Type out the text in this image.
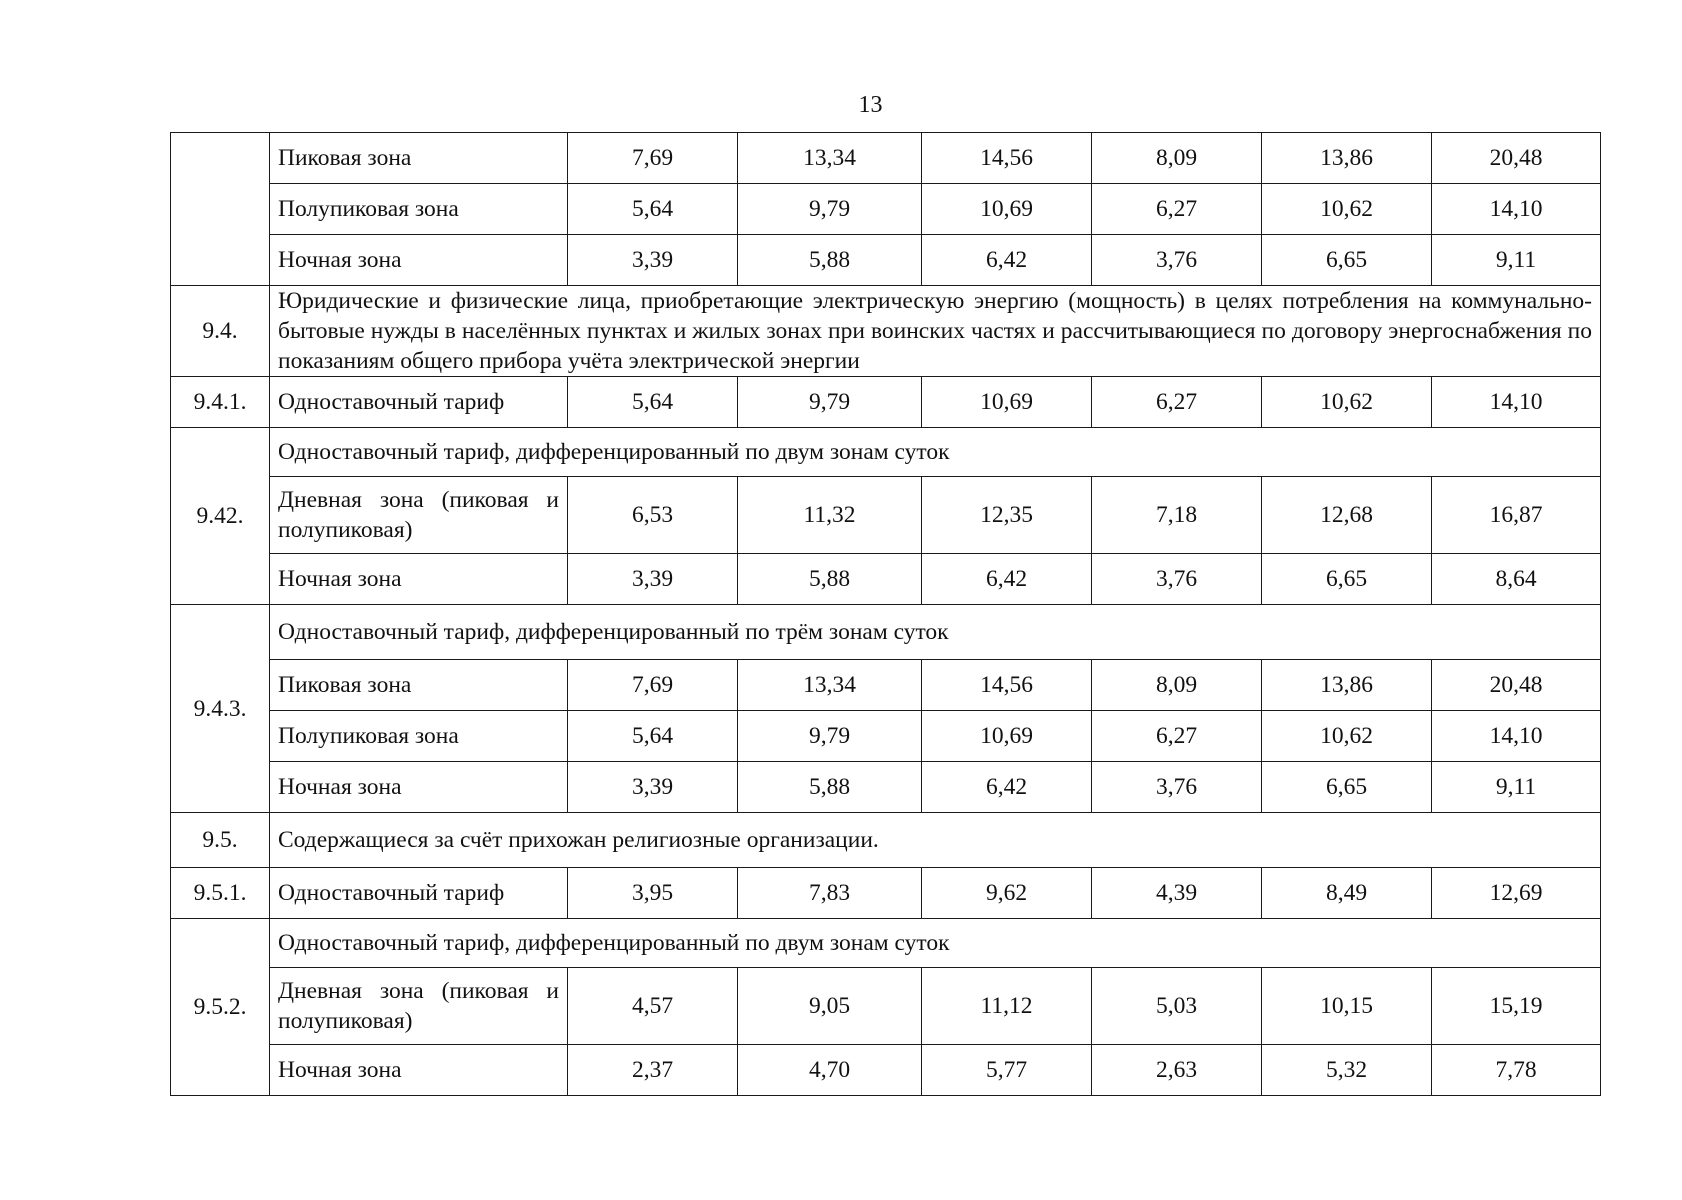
13
	Пиковая зона	7,69	13,34	14,56	8,09	13,86	20,48
	Полупиковая зона	5,64	9,79	10,69	6,27	10,62	14,10
	Ночная зона	3,39	5,88	6,42	3,76	6,65	9,11
9.4.	Юридические и физические лица, приобретающие электрическую энергию (мощность) в целях потребления на коммунально-бытовые нужды в населённых пунктах и жилых зонах при воинских частях и рассчитывающиеся по договору энергоснабжения по показаниям общего прибора учёта электрической энергии						
9.4.1.	Одноставочный тариф	5,64	9,79	10,69	6,27	10,62	14,10
9.42.	Одноставочный тариф, дифференцированный по двум зонам суток						
	Дневная зона (пиковая и полупиковая)	6,53	11,32	12,35	7,18	12,68	16,87
	Ночная зона	3,39	5,88	6,42	3,76	6,65	8,64
9.4.3.	Одноставочный тариф, дифференцированный по трём зонам суток						
	Пиковая зона	7,69	13,34	14,56	8,09	13,86	20,48
	Полупиковая зона	5,64	9,79	10,69	6,27	10,62	14,10
	Ночная зона	3,39	5,88	6,42	3,76	6,65	9,11
9.5.	Содержащиеся за счёт прихожан религиозные организации.						
9.5.1.	Одноставочный тариф	3,95	7,83	9,62	4,39	8,49	12,69
9.5.2.	Одноставочный тариф, дифференцированный по двум зонам суток						
	Дневная зона (пиковая и полупиковая)	4,57	9,05	11,12	5,03	10,15	15,19
	Ночная зона	2,37	4,70	5,77	2,63	5,32	7,78
